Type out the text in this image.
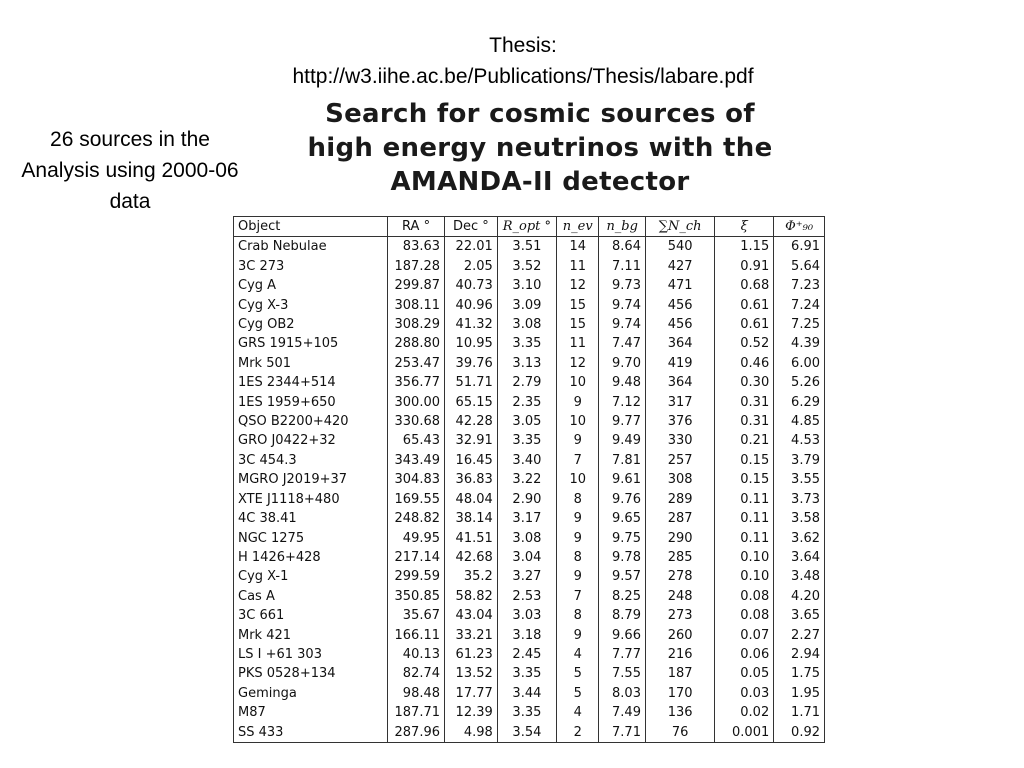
Thesis:
http://w3.iihe.ac.be/Publications/Thesis/labare.pdf
26 sources in the
Analysis using 2000-06
data
Search for cosmic sources of
high energy neutrinos with the
AMANDA-II detector
Object	RA °	Dec °	R_opt °	n_ev	n_bg	∑N_ch	ξ	Φ⁺₉₀
Crab Nebulae	83.63	22.01	3.51	14	8.64	540	1.15	6.91
3C 273	187.28	2.05	3.52	11	7.11	427	0.91	5.64
Cyg A	299.87	40.73	3.10	12	9.73	471	0.68	7.23
Cyg X-3	308.11	40.96	3.09	15	9.74	456	0.61	7.24
Cyg OB2	308.29	41.32	3.08	15	9.74	456	0.61	7.25
GRS 1915+105	288.80	10.95	3.35	11	7.47	364	0.52	4.39
Mrk 501	253.47	39.76	3.13	12	9.70	419	0.46	6.00
1ES 2344+514	356.77	51.71	2.79	10	9.48	364	0.30	5.26
1ES 1959+650	300.00	65.15	2.35	9	7.12	317	0.31	6.29
QSO B2200+420	330.68	42.28	3.05	10	9.77	376	0.31	4.85
GRO J0422+32	65.43	32.91	3.35	9	9.49	330	0.21	4.53
3C 454.3	343.49	16.45	3.40	7	7.81	257	0.15	3.79
MGRO J2019+37	304.83	36.83	3.22	10	9.61	308	0.15	3.55
XTE J1118+480	169.55	48.04	2.90	8	9.76	289	0.11	3.73
4C 38.41	248.82	38.14	3.17	9	9.65	287	0.11	3.58
NGC 1275	49.95	41.51	3.08	9	9.75	290	0.11	3.62
H 1426+428	217.14	42.68	3.04	8	9.78	285	0.10	3.64
Cyg X-1	299.59	35.2	3.27	9	9.57	278	0.10	3.48
Cas A	350.85	58.82	2.53	7	8.25	248	0.08	4.20
3C 661	35.67	43.04	3.03	8	8.79	273	0.08	3.65
Mrk 421	166.11	33.21	3.18	9	9.66	260	0.07	2.27
LS I +61 303	40.13	61.23	2.45	4	7.77	216	0.06	2.94
PKS 0528+134	82.74	13.52	3.35	5	7.55	187	0.05	1.75
Geminga	98.48	17.77	3.44	5	8.03	170	0.03	1.95
M87	187.71	12.39	3.35	4	7.49	136	0.02	1.71
SS 433	287.96	4.98	3.54	2	7.71	76	0.001	0.92
